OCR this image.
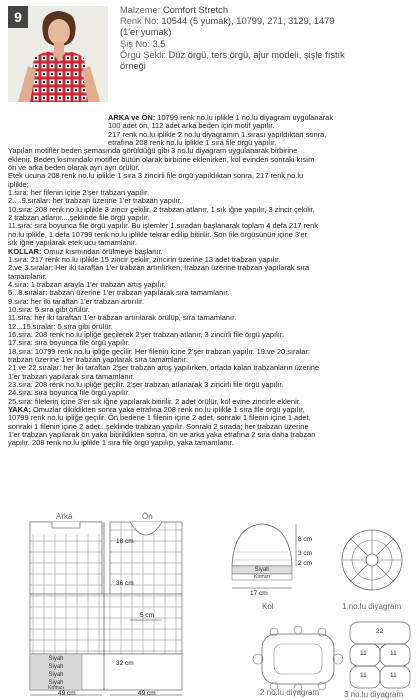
9	Malzeme: Comfort Stretch
Renk No: 10544 (5 yumak), 10799, 271, 3129, 1479
(1'er yumak)
Şiş No: 3.5
Örgü Şekli: Düz örgü, ters örgü, ajur modeli, şişle fıstık
örneği

ARKA ve ÖN: 10799 renk no.lu iplikle 1 no.lu diyagram uygulanarak

100 adet ön, 112 adet arka beden için motif yapılır.

217 renk no.lu iplikle 2 no.lu diyagramın 1.sırası yapıldıktan sonra,

etrafına 208 renk no.lu iplikle 1 sıra file örgü yapılır.

Yapılan motifler beden şemasında görüldüğü gibi 3 no.lu diyagram uygulanarak birbirine

eklenir. Beden kısmındaki motifler bütün olarak birbirine eklenirken, kol evinden sonraki kısım

ön ve arka beden olarak ayrı ayrı örülür.

Etek ucuna 208 renk no.lu iplikle 1 sıra 3 zincirli file örgü yapıldıktan sonra, 217 renk no.lu

iplikle;

1.sıra: her filenin içine 2'şer trabzan yapılır.

2.…9.sıralar: her trabzan üzerine 1'er trabzan yapılır.

10.sıra: 208 renk no.lu iplikle 3 zincir çekilir, 2 trabzan atlanır, 1 sık iğne yapılır, 3 zincir çekilir,

2 trabzan atlanır....şeklinde file örgü yapılır.

11.sıra: sıra boyunca file örgü yapılır. Bu işlemler 1.sıradan başlanarak toplam 4 defa 217 renk

no.lu iplikle, 1 defa 10799 renk no.lu iplikle tekrar edilip bitirilir. Son file örgüsünün içine 3'er

sık iğne yapılarak etek ucu tamamlanır.

KOLLAR: Omuz kısmından örülmeye başlanır.

1.sıra: 217 renk no.lu iplikle 15 zincir çekilir, zincirin üzerine 13 adet trabzan yapılır.

2.ve 3.sıralar: Her iki taraftan 1'er trabzan artırılırken, trabzan üzerine trabzan yapılarak sıra

tamamlanır.

4.sıra: 1 trabzan arayla 1'er trabzan artış yapılır.

5...8.sıralar: trabzan üzerine 1'er trabzan yapılarak sıra tamamlanır.

9.sıra: her iki taraftan 1'er trabzan artırılır.

10.sıra: 5.sıra gibi örülür.

11.sıra: her iki taraftan 1'er trabzan artırılarak örülüp, sıra tamamlanır.

12...15.sıralar: 5.sıra gibi örülür.

16.sıra: 208 renk no.lu ipliğe geçilerek 2'şer trabzan atlanır, 3 zincirli file örgü yapılır.

17.sıra: sıra boyunca file örgü yapılır.

18.sıra: 10799 renk no.lu ipliğe geçilir. Her filenin içine 2'şer trabzan yapılır. 19.ve 20.sıralar:

trabzan üzerine 1'er trabzan yapılarak sıra tamamlanır.

21.ve 22.sıralar: her iki taraftan 2'şer trabzan artış yapılırken, ortada kalan trabzanların üzerine

1'er trabzan yapılarak sıra tamamlanır.

23.sıra: 208 renk no.lu ipliğe geçilir. 2'şer trabzan atlanarak 3 zincirli file örgü yapılır.

24.sıra: sıra boyunca file örgü yapılır.

25.sıra: filelerin içine 3'er sık iğne yapılarak bitirilir. 2 adet örülür, kol evine zincirle eklenir.

YAKA: Omuzlar dikildikten sonra yaka etrafına 208 renk no.lu iplikle 1 sıra file örgü yapılır,

10799 renk no.lu ipliğe geçilir. Ön bedene 1 filenin içine 2 adet, sonraki 1 filenin içine 1 adet,

sonraki 1 filenin içine 2 adet...şeklinde trabzan yapılır. Sonraki 2 sırada; her trabzan üzerine

1'er trabzan yapılarak ön yaka bitirildikten sonra, ön ve arka yaka etrafına 2 sıra daha trabzan

yapılır. 208 renk no.lu iplikle 1 sıra file örgü yapılıp, yaka tamamlanır.

Arka	Ön
18 cm
36 cm
32 cm
5 cm
49 cm	49 cm
Siyah
Siyah
Siyah
Siyah
Kırmızı
8 cm
3 cm
2 cm
Siyah
Kırmızı
17 cm
Kol	1 no.lu diyagram
2 no.lu diyagram
22
11	11
11	11
3 no.lu diyagram
